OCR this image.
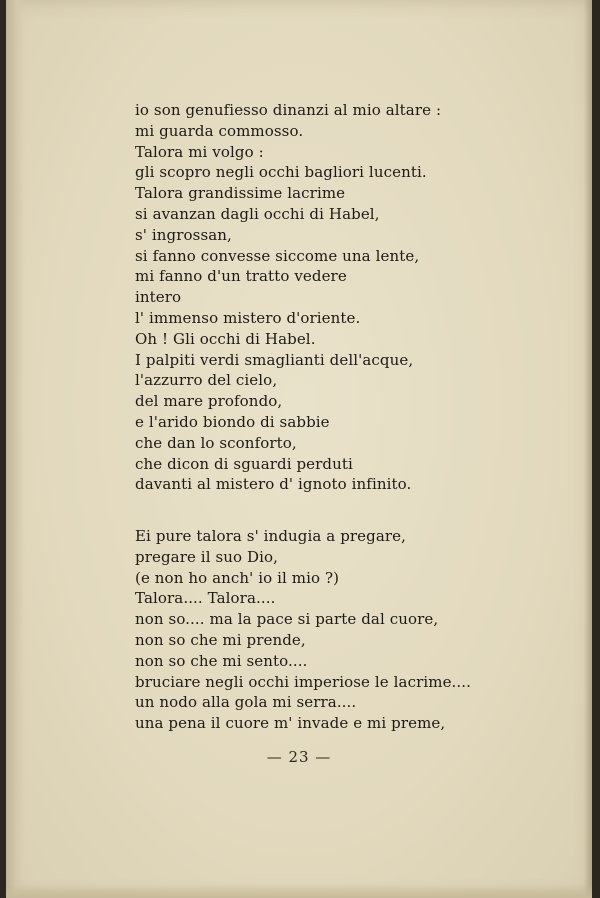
io son genufiesso dinanzi al mio altare :
mi guarda commosso.
Talora mi volgo :
gli scopro negli occhi bagliori lucenti.
Talora grandissime lacrime
si avanzan dagli occhi di Habel,
s' ingrossan,
si fanno convesse siccome una lente,
mi fanno d'un tratto vedere
intero
l' immenso mistero d'oriente.
Oh ! Gli occhi di Habel.
I palpiti verdi smaglianti dell'acque,
l'azzurro del cielo,
del mare profondo,
e l'arido biondo di sabbie
che dan lo sconforto,
che dicon di sguardi perduti
davanti al mistero d' ignoto infinito.
Ei pure talora s' indugia a pregare,
pregare il suo Dio,
(e non ho anch' io il mio ?)
Talora.... Talora....
non so.... ma la pace si parte dal cuore,
non so che mi prende,
non so che mi sento....
bruciare negli occhi imperiose le lacrime....
un nodo alla gola mi serra....
una pena il cuore m' invade e mi preme,
— 23 —
